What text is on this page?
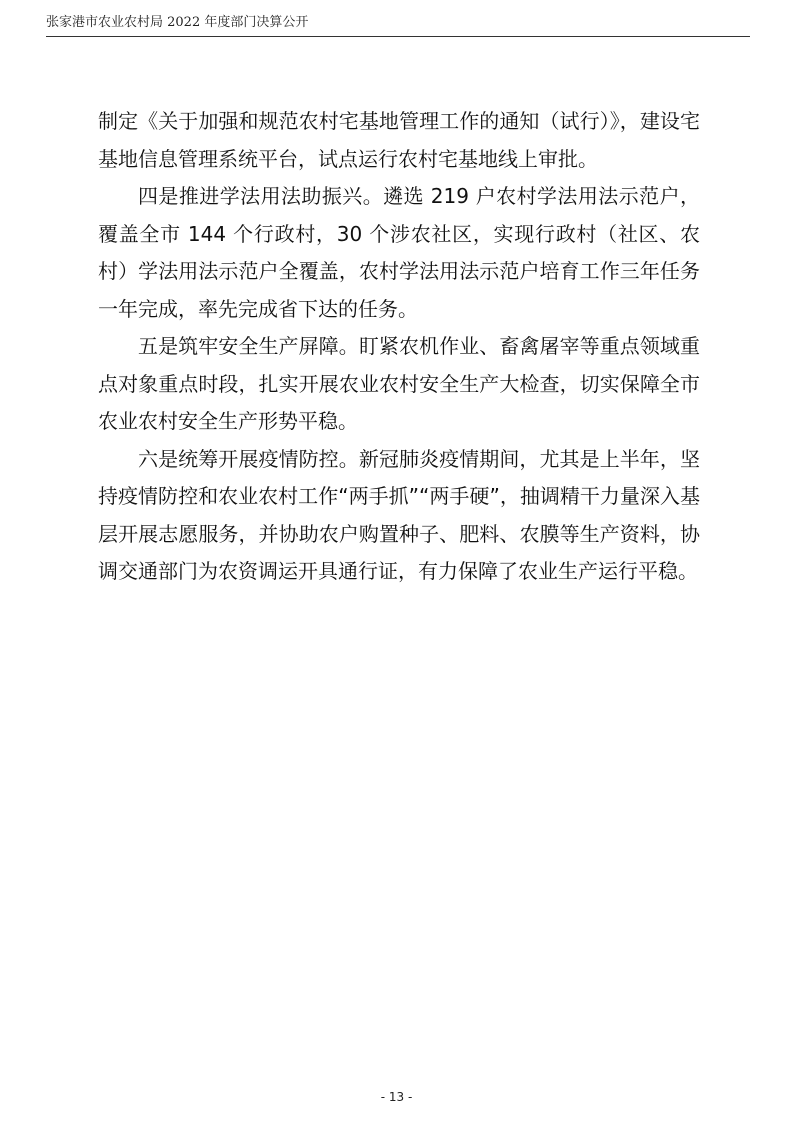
张家港市农业农村局 2022 年度部门决算公开

制定《关于加强和规范农村宅基地管理工作的通知（试行）》，建设宅基地信息管理系统平台，试点运行农村宅基地线上审批。

四是推进学法用法助振兴。遴选 219 户农村学法用法示范户，覆盖全市 144 个行政村，30 个涉农社区，实现行政村（社区、农村）学法用法示范户全覆盖，农村学法用法示范户培育工作三年任务一年完成，率先完成省下达的任务。

五是筑牢安全生产屏障。盯紧农机作业、畜禽屠宰等重点领域重点对象重点时段，扎实开展农业农村安全生产大检查，切实保障全市农业农村安全生产形势平稳。

六是统筹开展疫情防控。新冠肺炎疫情期间，尤其是上半年，坚持疫情防控和农业农村工作“两手抓”“两手硬”，抽调精干力量深入基层开展志愿服务，并协助农户购置种子、肥料、农膜等生产资料，协调交通部门为农资调运开具通行证，有力保障了农业生产运行平稳。

- 13 -
